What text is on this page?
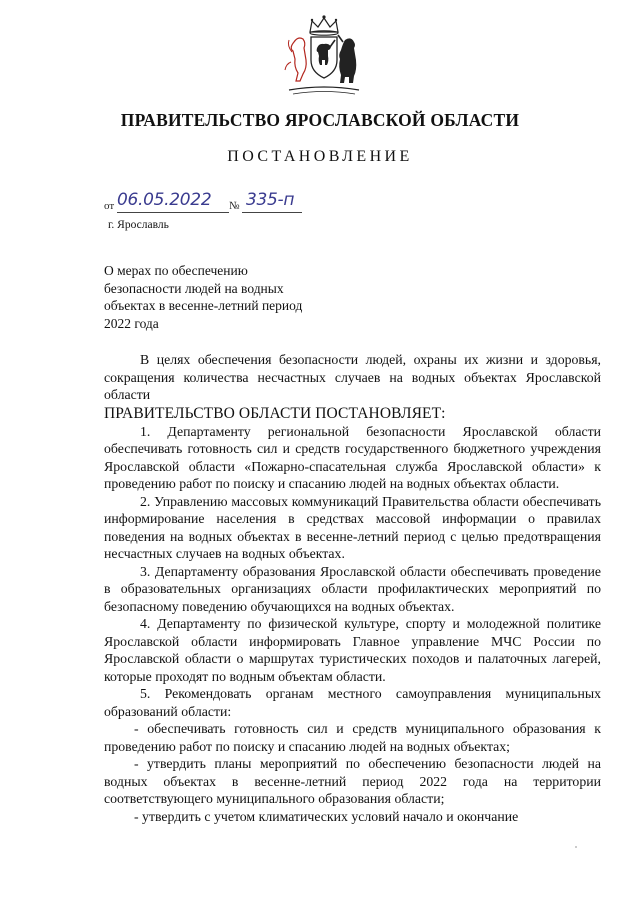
ПРАВИТЕЛЬСТВО ЯРОСЛАВСКОЙ ОБЛАСТИ
ПОСТАНОВЛЕНИЕ
от 06.05.2022 № 335-п
г. Ярославль
О мерах по обеспечению
безопасности людей на водных
объектах в весенне-летний период
2022 года

В целях обеспечения безопасности людей, охраны их жизни и здоровья, сокращения количества несчастных случаев на водных объектах Ярославской области

ПРАВИТЕЛЬСТВО ОБЛАСТИ ПОСТАНОВЛЯЕТ:

1. Департаменту региональной безопасности Ярославской области обеспечивать готовность сил и средств государственного бюджетного учреждения Ярославской области «Пожарно-спасательная служба Ярославской области» к проведению работ по поиску и спасанию людей на водных объектах области.

2. Управлению массовых коммуникаций Правительства области обеспечивать информирование населения в средствах массовой информации о правилах поведения на водных объектах в весенне-летний период с целью предотвращения несчастных случаев на водных объектах.

3. Департаменту образования Ярославской области обеспечивать проведение в образовательных организациях области профилактических мероприятий по безопасному поведению обучающихся на водных объектах.

4. Департаменту по физической культуре, спорту и молодежной политике Ярославской области информировать Главное управление МЧС России по Ярославской области о маршрутах туристических походов и палаточных лагерей, которые проходят по водным объектам области.

5. Рекомендовать органам местного самоуправления муниципальных образований области:

- обеспечивать готовность сил и средств муниципального образования к проведению работ по поиску и спасанию людей на водных объектах;

- утвердить планы мероприятий по обеспечению безопасности людей на водных объектах в весенне-летний период 2022 года на территории соответствующего муниципального образования области;

- утвердить с учетом климатических условий начало и окончание
